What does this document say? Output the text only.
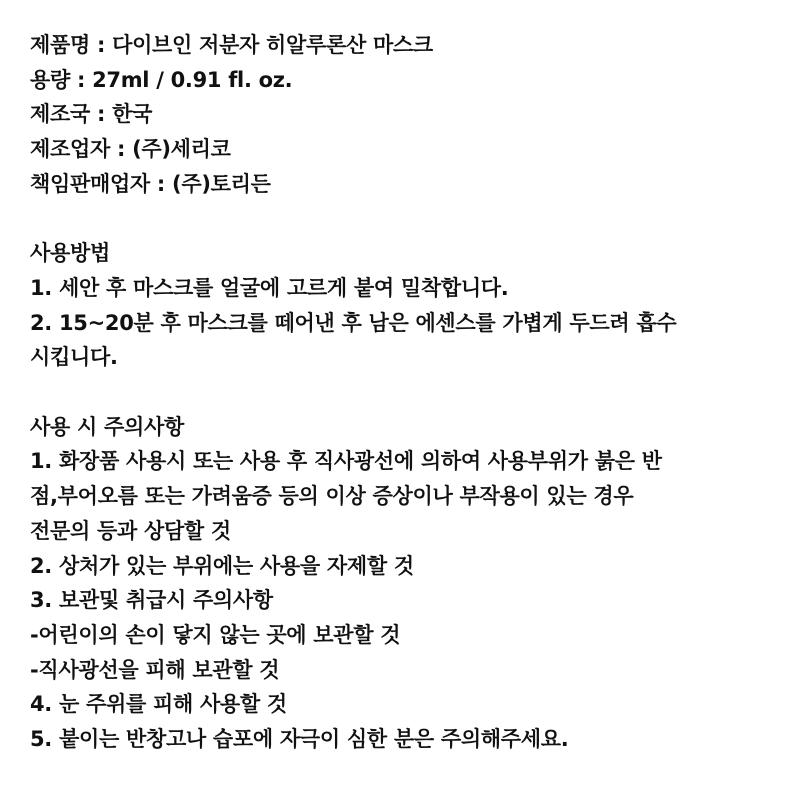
제품명 : 다이브인 저분자 히알루론산 마스크
용량 : 27ml / 0.91 fl. oz.
제조국 : 한국
제조업자 : (주)세리코
책임판매업자 : (주)토리든
사용방법
1. 세안 후 마스크를 얼굴에 고르게 붙여 밀착합니다.
2. 15~20분 후 마스크를 떼어낸 후 남은 에센스를 가볍게 두드려 흡수
시킵니다.
사용 시 주의사항
1. 화장품 사용시 또는 사용 후 직사광선에 의하여 사용부위가 붉은 반
점,부어오름 또는 가려움증 등의 이상 증상이나 부작용이 있는 경우
전문의 등과 상담할 것
2. 상처가 있는 부위에는 사용을 자제할 것
3. 보관및 취급시 주의사항
-어린이의 손이 닿지 않는 곳에 보관할 것
-직사광선을 피해 보관할 것
4. 눈 주위를 피해 사용할 것
5. 붙이는 반창고나 습포에 자극이 심한 분은 주의해주세요.
